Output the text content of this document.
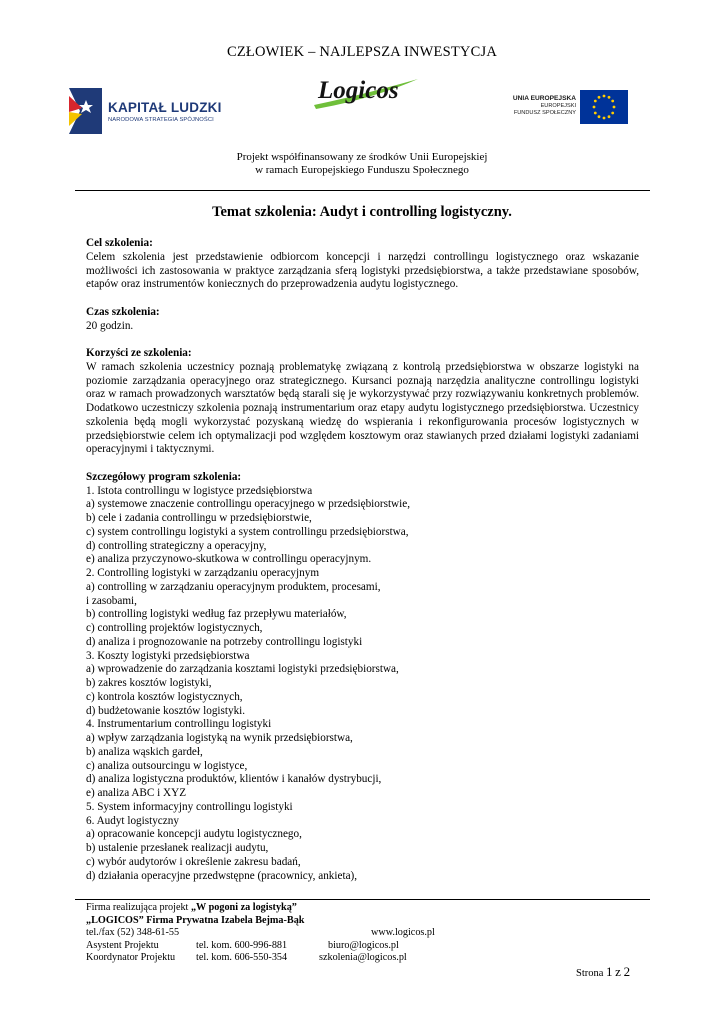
CZŁOWIEK – NAJLEPSZA INWESTYCJA
KAPITAŁ LUDZKI
NARODOWA STRATEGIA SPÓJNOŚCI
Logicos	UNIA EUROPEJSKA
EUROPEJSKI
FUNDUSZ SPOŁECZNY
Projekt współfinansowany ze środków Unii Europejskiej
w ramach Europejskiego Funduszu Społecznego
Temat szkolenia: Audyt i controlling logistyczny.

Cel szkolenia:

Celem szkolenia jest przedstawienie odbiorcom koncepcji i narzędzi controllingu logistycznego oraz wskazanie możliwości ich zastosowania w praktyce zarządzania sferą logistyki przedsiębiorstwa, a także przedstawiane sposobów, etapów oraz instrumentów koniecznych do przeprowadzenia audytu logistycznego.

Czas szkolenia:

20 godzin.

Korzyści ze szkolenia:

W ramach szkolenia uczestnicy poznają problematykę związaną z kontrolą przedsiębiorstwa w obszarze logistyki na poziomie zarządzania operacyjnego oraz strategicznego. Kursanci poznają narzędzia analityczne controllingu logistyki oraz w ramach prowadzonych warsztatów będą starali się je wykorzystywać przy rozwiązywaniu konkretnych problemów. Dodatkowo uczestniczy szkolenia poznają instrumentarium oraz etapy audytu logistycznego przedsiębiorstwa. Uczestnicy szkolenia będą mogli wykorzystać pozyskaną wiedzę do wspierania i rekonfigurowania procesów logistycznych w przedsiębiorstwie celem ich optymalizacji pod względem kosztowym oraz stawianych przed działami logistyki zadaniami operacyjnymi i taktycznymi.

Szczegółowy program szkolenia:

1. Istota controllingu w logistyce przedsiębiorstwa

a) systemowe znaczenie controllingu operacyjnego w przedsiębiorstwie,

b) cele i zadania controllingu w przedsiębiorstwie,

c) system controllingu logistyki a system controllingu przedsiębiorstwa,

d) controlling strategiczny a operacyjny,

e) analiza przyczynowo-skutkowa w controllingu operacyjnym.

2. Controlling logistyki w zarządzaniu operacyjnym

a) controlling w zarządzaniu operacyjnym produktem, procesami,

i zasobami,

b) controlling logistyki według faz przepływu materiałów,

c) controlling projektów logistycznych,

d) analiza i prognozowanie na potrzeby controllingu logistyki

3. Koszty logistyki przedsiębiorstwa

a) wprowadzenie do zarządzania kosztami logistyki przedsiębiorstwa,

b) zakres kosztów logistyki,

c) kontrola kosztów logistycznych,

d) budżetowanie kosztów logistyki.

4. Instrumentarium controllingu logistyki

a) wpływ zarządzania logistyką na wynik przedsiębiorstwa,

b) analiza wąskich gardeł,

c) analiza outsourcingu w logistyce,

d) analiza logistyczna produktów, klientów i kanałów dystrybucji,

e) analiza ABC i XYZ

5. System informacyjny controllingu logistyki

6. Audyt logistyczny

a) opracowanie koncepcji audytu logistycznego,

b) ustalenie przesłanek realizacji audytu,

c) wybór audytorów i określenie zakresu badań,

d) działania operacyjne przedwstępne (pracownicy, ankieta),

Firma realizująca projekt „W pogoni za logistyką”
„LOGICOS” Firma Prywatna Izabela Bejma-Bąk
tel./fax (52) 348-61-55	www.logicos.pl
Asystent Projektu	tel. kom. 600-996-881	biuro@logicos.pl
Koordynator Projektu tel. kom. 606-550-354	szkolenia@logicos.pl
Strona 1 z 2
